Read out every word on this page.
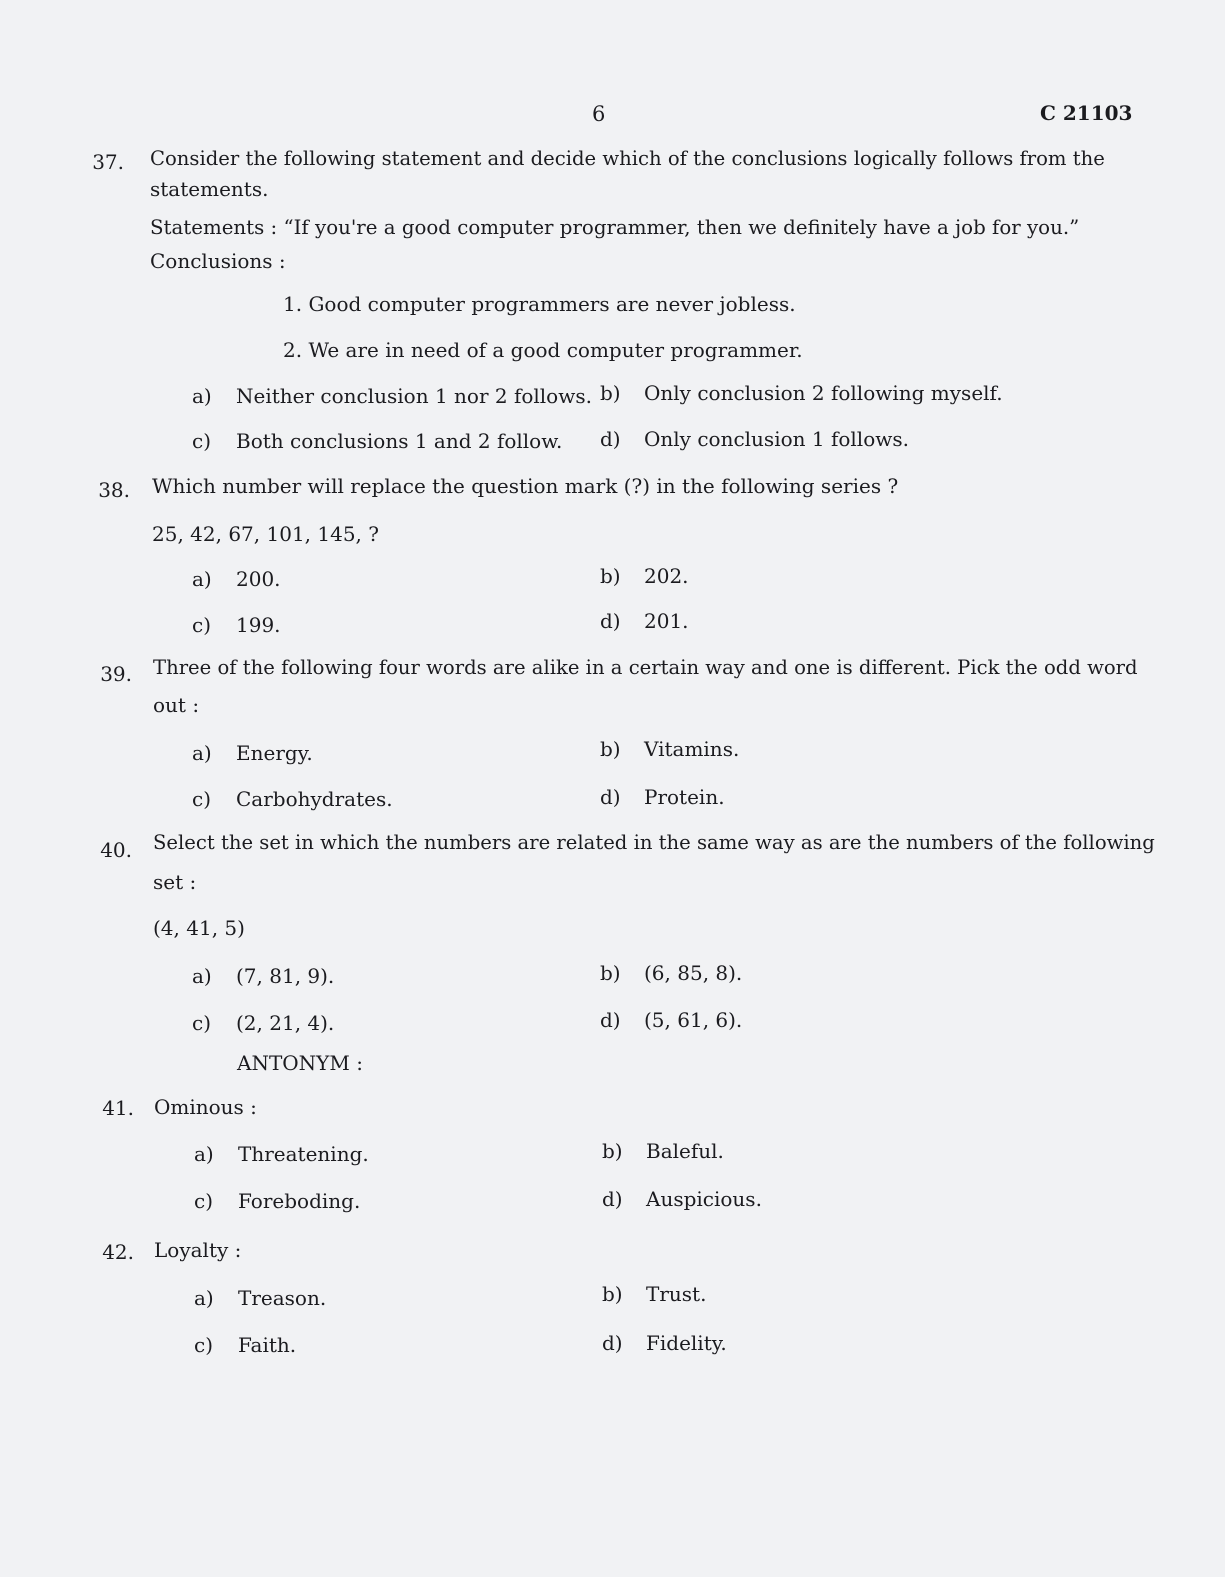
6	C 21103
37. Consider the following statement and decide which of the conclusions logically follows from the
statements.
Statements : “If you're a good computer programmer, then we definitely have a job for you.”
Conclusions :
1. Good computer programmers are never jobless.
2. We are in need of a good computer programmer.
a)	Neither conclusion 1 nor 2 follows. b)	Only conclusion 2 following myself.
c)	Both conclusions 1 and 2 follow. d)	Only conclusion 1 follows.
38. Which number will replace the question mark (?) in the following series ?
25, 42, 67, 101, 145, ?
a)	200.	b)	202.
c)	199.	d)	201.
39. Three of the following four words are alike in a certain way and one is different. Pick the odd word
out :
a)	Energy.	b)	Vitamins.
c)	Carbohydrates.	d)	Protein.
40. Select the set in which the numbers are related in the same way as are the numbers of the following
set :
(4, 41, 5)
a)	(7, 81, 9).	b)	(6, 85, 8).
c)	(2, 21, 4).	d)	(5, 61, 6).
ANTONYM :
41. Ominous :
a)	Threatening.	b)	Baleful.
c)	Foreboding.	d)	Auspicious.
42. Loyalty :
a)	Treason.	b)	Trust.
c)	Faith.	d)	Fidelity.
